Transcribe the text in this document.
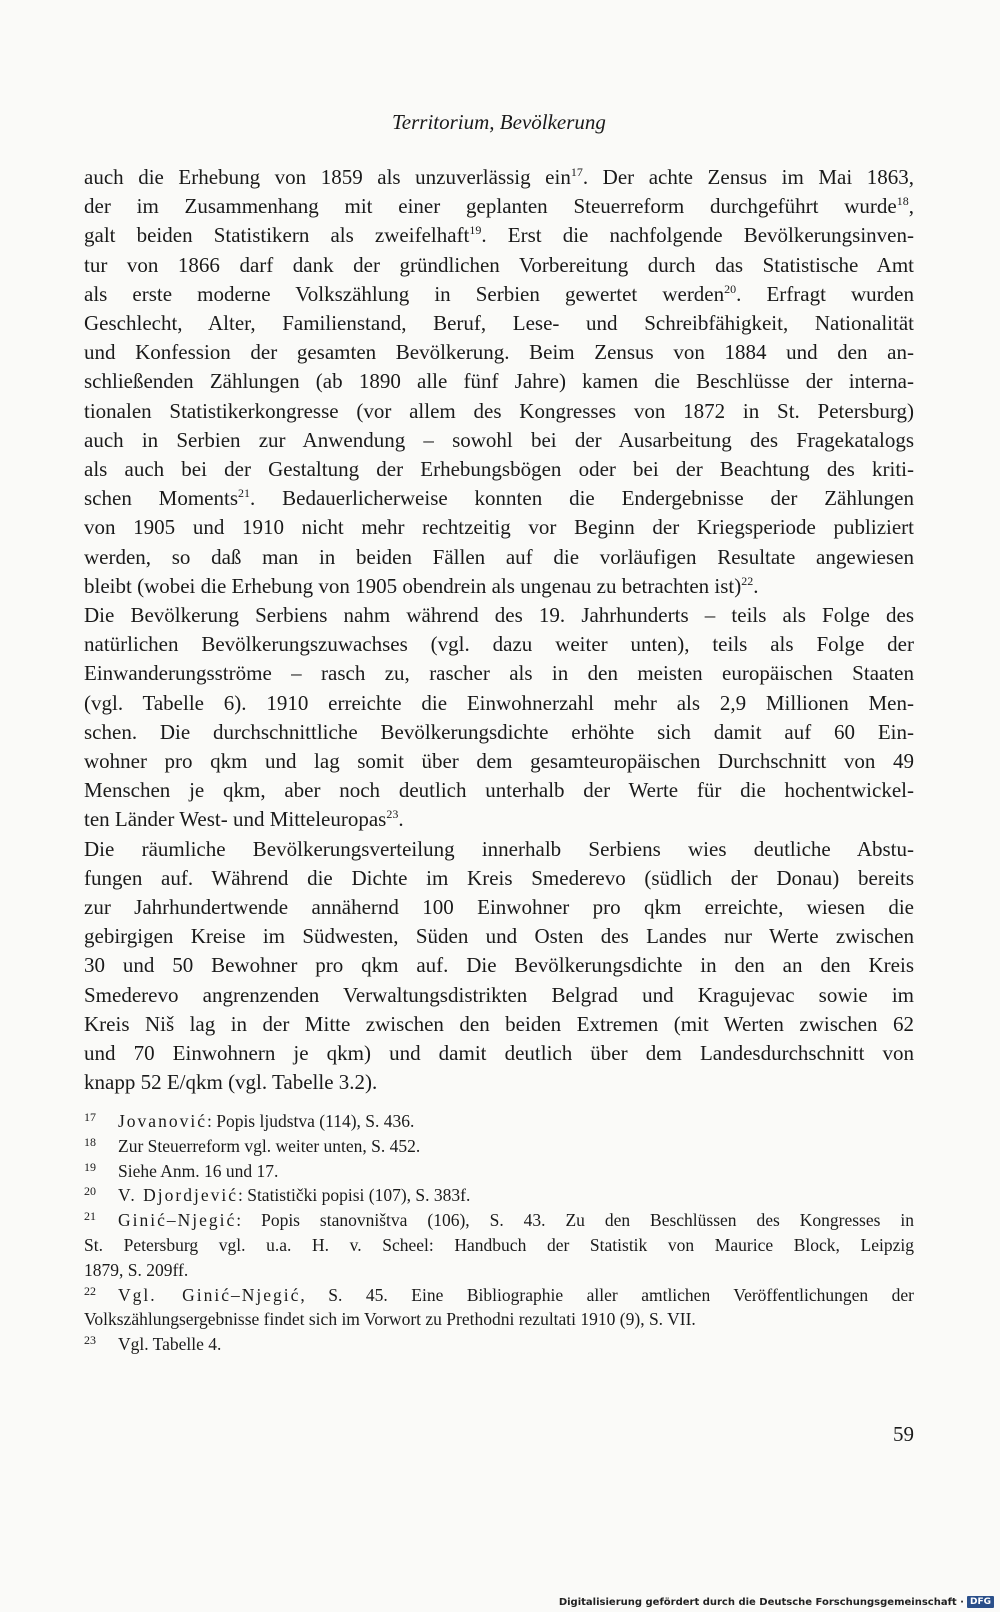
Territorium, Bevölkerung
auch die Erhebung von 1859 als unzuverlässig ein$^{17}$. Der achte Zensus im Mai 1863,
der im Zusammenhang mit einer geplanten Steuerreform durchgeführt wurde$^{18}$,
galt beiden Statistikern als zweifelhaft$^{19}$. Erst die nachfolgende Bevölkerungsinven-
tur von 1866 darf dank der gründlichen Vorbereitung durch das Statistische Amt
als erste moderne Volkszählung in Serbien gewertet werden$^{20}$. Erfragt wurden
Geschlecht, Alter, Familienstand, Beruf, Lese- und Schreibfähigkeit, Nationalität
und Konfession der gesamten Bevölkerung. Beim Zensus von 1884 und den an-
schließenden Zählungen (ab 1890 alle fünf Jahre) kamen die Beschlüsse der interna-
tionalen Statistikerkongresse (vor allem des Kongresses von 1872 in St. Petersburg)
auch in Serbien zur Anwendung – sowohl bei der Ausarbeitung des Fragekatalogs
als auch bei der Gestaltung der Erhebungsbögen oder bei der Beachtung des kriti-
schen Moments$^{21}$. Bedauerlicherweise konnten die Endergebnisse der Zählungen
von 1905 und 1910 nicht mehr rechtzeitig vor Beginn der Kriegsperiode publiziert
werden, so daß man in beiden Fällen auf die vorläufigen Resultate angewiesen
bleibt (wobei die Erhebung von 1905 obendrein als ungenau zu betrachten ist)$^{22}$.
Die Bevölkerung Serbiens nahm während des 19. Jahrhunderts – teils als Folge des
natürlichen Bevölkerungszuwachses (vgl. dazu weiter unten), teils als Folge der
Einwanderungsströme – rasch zu, rascher als in den meisten europäischen Staaten
(vgl. Tabelle 6). 1910 erreichte die Einwohnerzahl mehr als 2,9 Millionen Men-
schen. Die durchschnittliche Bevölkerungsdichte erhöhte sich damit auf 60 Ein-
wohner pro qkm und lag somit über dem gesamteuropäischen Durchschnitt von 49
Menschen je qkm, aber noch deutlich unterhalb der Werte für die hochentwickel-
ten Länder West- und Mitteleuropas$^{23}$.
Die räumliche Bevölkerungsverteilung innerhalb Serbiens wies deutliche Abstu-
fungen auf. Während die Dichte im Kreis Smederevo (südlich der Donau) bereits
zur Jahrhundertwende annähernd 100 Einwohner pro qkm erreichte, wiesen die
gebirgigen Kreise im Südwesten, Süden und Osten des Landes nur Werte zwischen
30 und 50 Bewohner pro qkm auf. Die Bevölkerungsdichte in den an den Kreis
Smederevo angrenzenden Verwaltungsdistrikten Belgrad und Kragujevac sowie im
Kreis Niš lag in der Mitte zwischen den beiden Extremen (mit Werten zwischen 62
und 70 Einwohnern je qkm) und damit deutlich über dem Landesdurchschnitt von
knapp 52 E/qkm (vgl. Tabelle 3.2).
17 Jovanović: Popis ljudstva (114), S. 436.
18 Zur Steuerreform vgl. weiter unten, S. 452.
19 Siehe Anm. 16 und 17.
20 V. Djordjević: Statistički popisi (107), S. 383f.
21 Ginić–Njegić: Popis stanovništva (106), S. 43. Zu den Beschlüssen des Kongresses in
St. Petersburg vgl. u.a. H. v. Scheel: Handbuch der Statistik von Maurice Block, Leipzig
1879, S. 209ff.
22 Vgl. Ginić–Njegić, S. 45. Eine Bibliographie aller amtlichen Veröffentlichungen der
Volkszählungsergebnisse findet sich im Vorwort zu Prethodni rezultati 1910 (9), S. VII.
23 Vgl. Tabelle 4.
59
Digitalisierung gefördert durch die Deutsche Forschungsgemeinschaft · DFG
